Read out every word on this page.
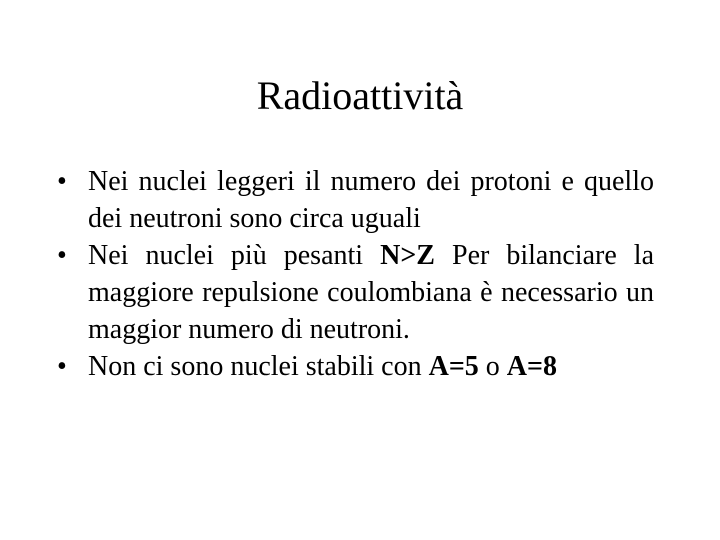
Radioattività
• Nei nuclei leggeri il numero dei protoni e quello dei neutroni sono circa uguali
• Nei nuclei più pesanti N>Z Per bilanciare la maggiore repulsione coulombiana è necessario un maggior numero di neutroni.
• Non ci sono nuclei stabili con A=5 o A=8
